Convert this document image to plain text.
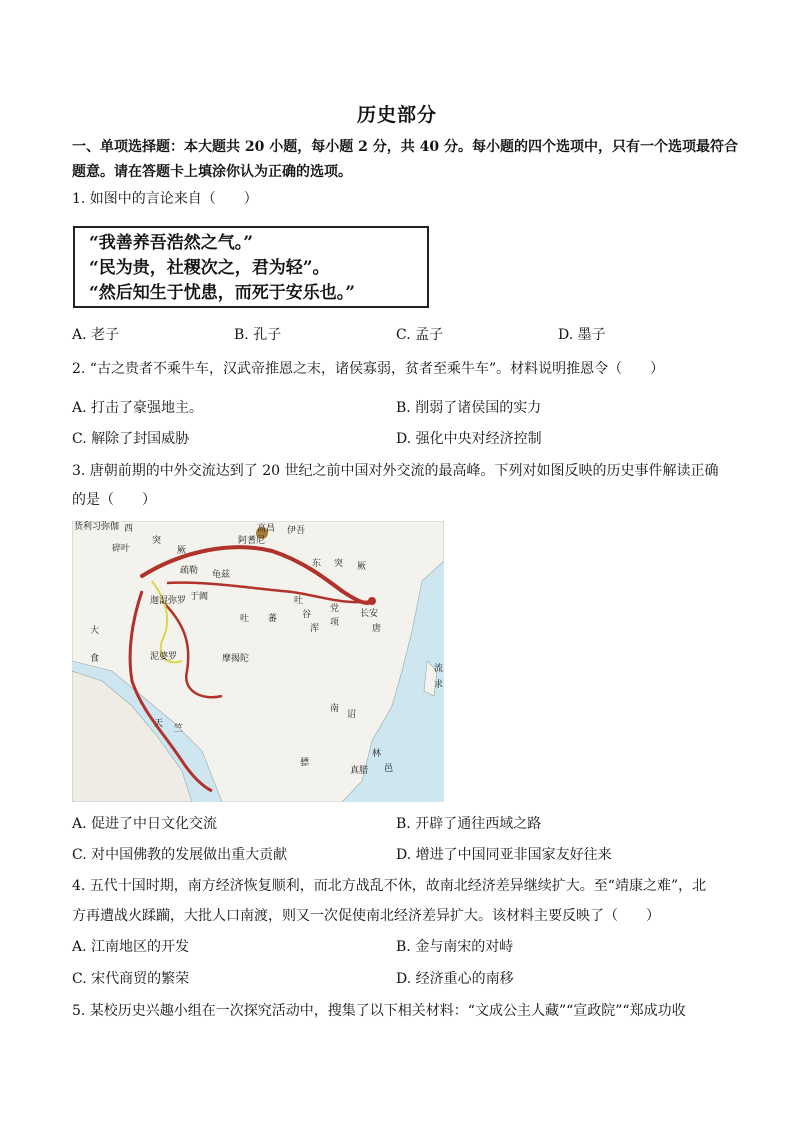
历史部分
一、单项选择题：本大题共 20 小题，每小题 2 分，共 40 分。每小题的四个选项中，只有一个选项最符合
题意。请在答题卡上填涂你认为正确的选项。
1. 如图中的言论来自（　　）
“我善养吾浩然之气。”
“民为贵，社稷次之，君为轻”。
“然后知生于忧患，而死于安乐也。”
A. 老子	B. 孔子	C. 孟子	D. 墨子
2. “古之贵者不乘牛车，汉武帝推恩之末，诸侯寡弱，贫者至乘牛车”。材料说明推恩令（　　）
A. 打击了豪强地主。	B. 削弱了诸侯国的实力
C. 解除了封国威胁	D. 强化中央对经济控制
3. 唐朝前期的中外交流达到了 20 世纪之前中国对外交流的最高峰。下列对如图反映的历史事件解读正确
的是（　　）
西
突
厥
碎叶
疏勒
于阗
高昌 伊吾
东 突 厥
吐
谷
浑
党
项
吐 蕃
唐
长安
南
诏
天 竺
大
食
流
求
林
邑
真腊
骠
迦湿弥罗
泥婆罗	摩揭陀
龟兹
阿耆尼
货利习弥伽
A. 促进了中日文化交流	B. 开辟了通往西域之路
C. 对中国佛教的发展做出重大贡献	D. 增进了中国同亚非国家友好往来
4. 五代十国时期，南方经济恢复顺利，而北方战乱不休，故南北经济差异继续扩大。至“靖康之难”，北
方再遭战火蹂躏，大批人口南渡，则又一次促使南北经济差异扩大。该材料主要反映了（　　）
A. 江南地区的开发	B. 金与南宋的对峙
C. 宋代商贸的繁荣	D. 经济重心的南移
5. 某校历史兴趣小组在一次探究活动中，搜集了以下相关材料：“文成公主人藏”“宣政院”“郑成功收
